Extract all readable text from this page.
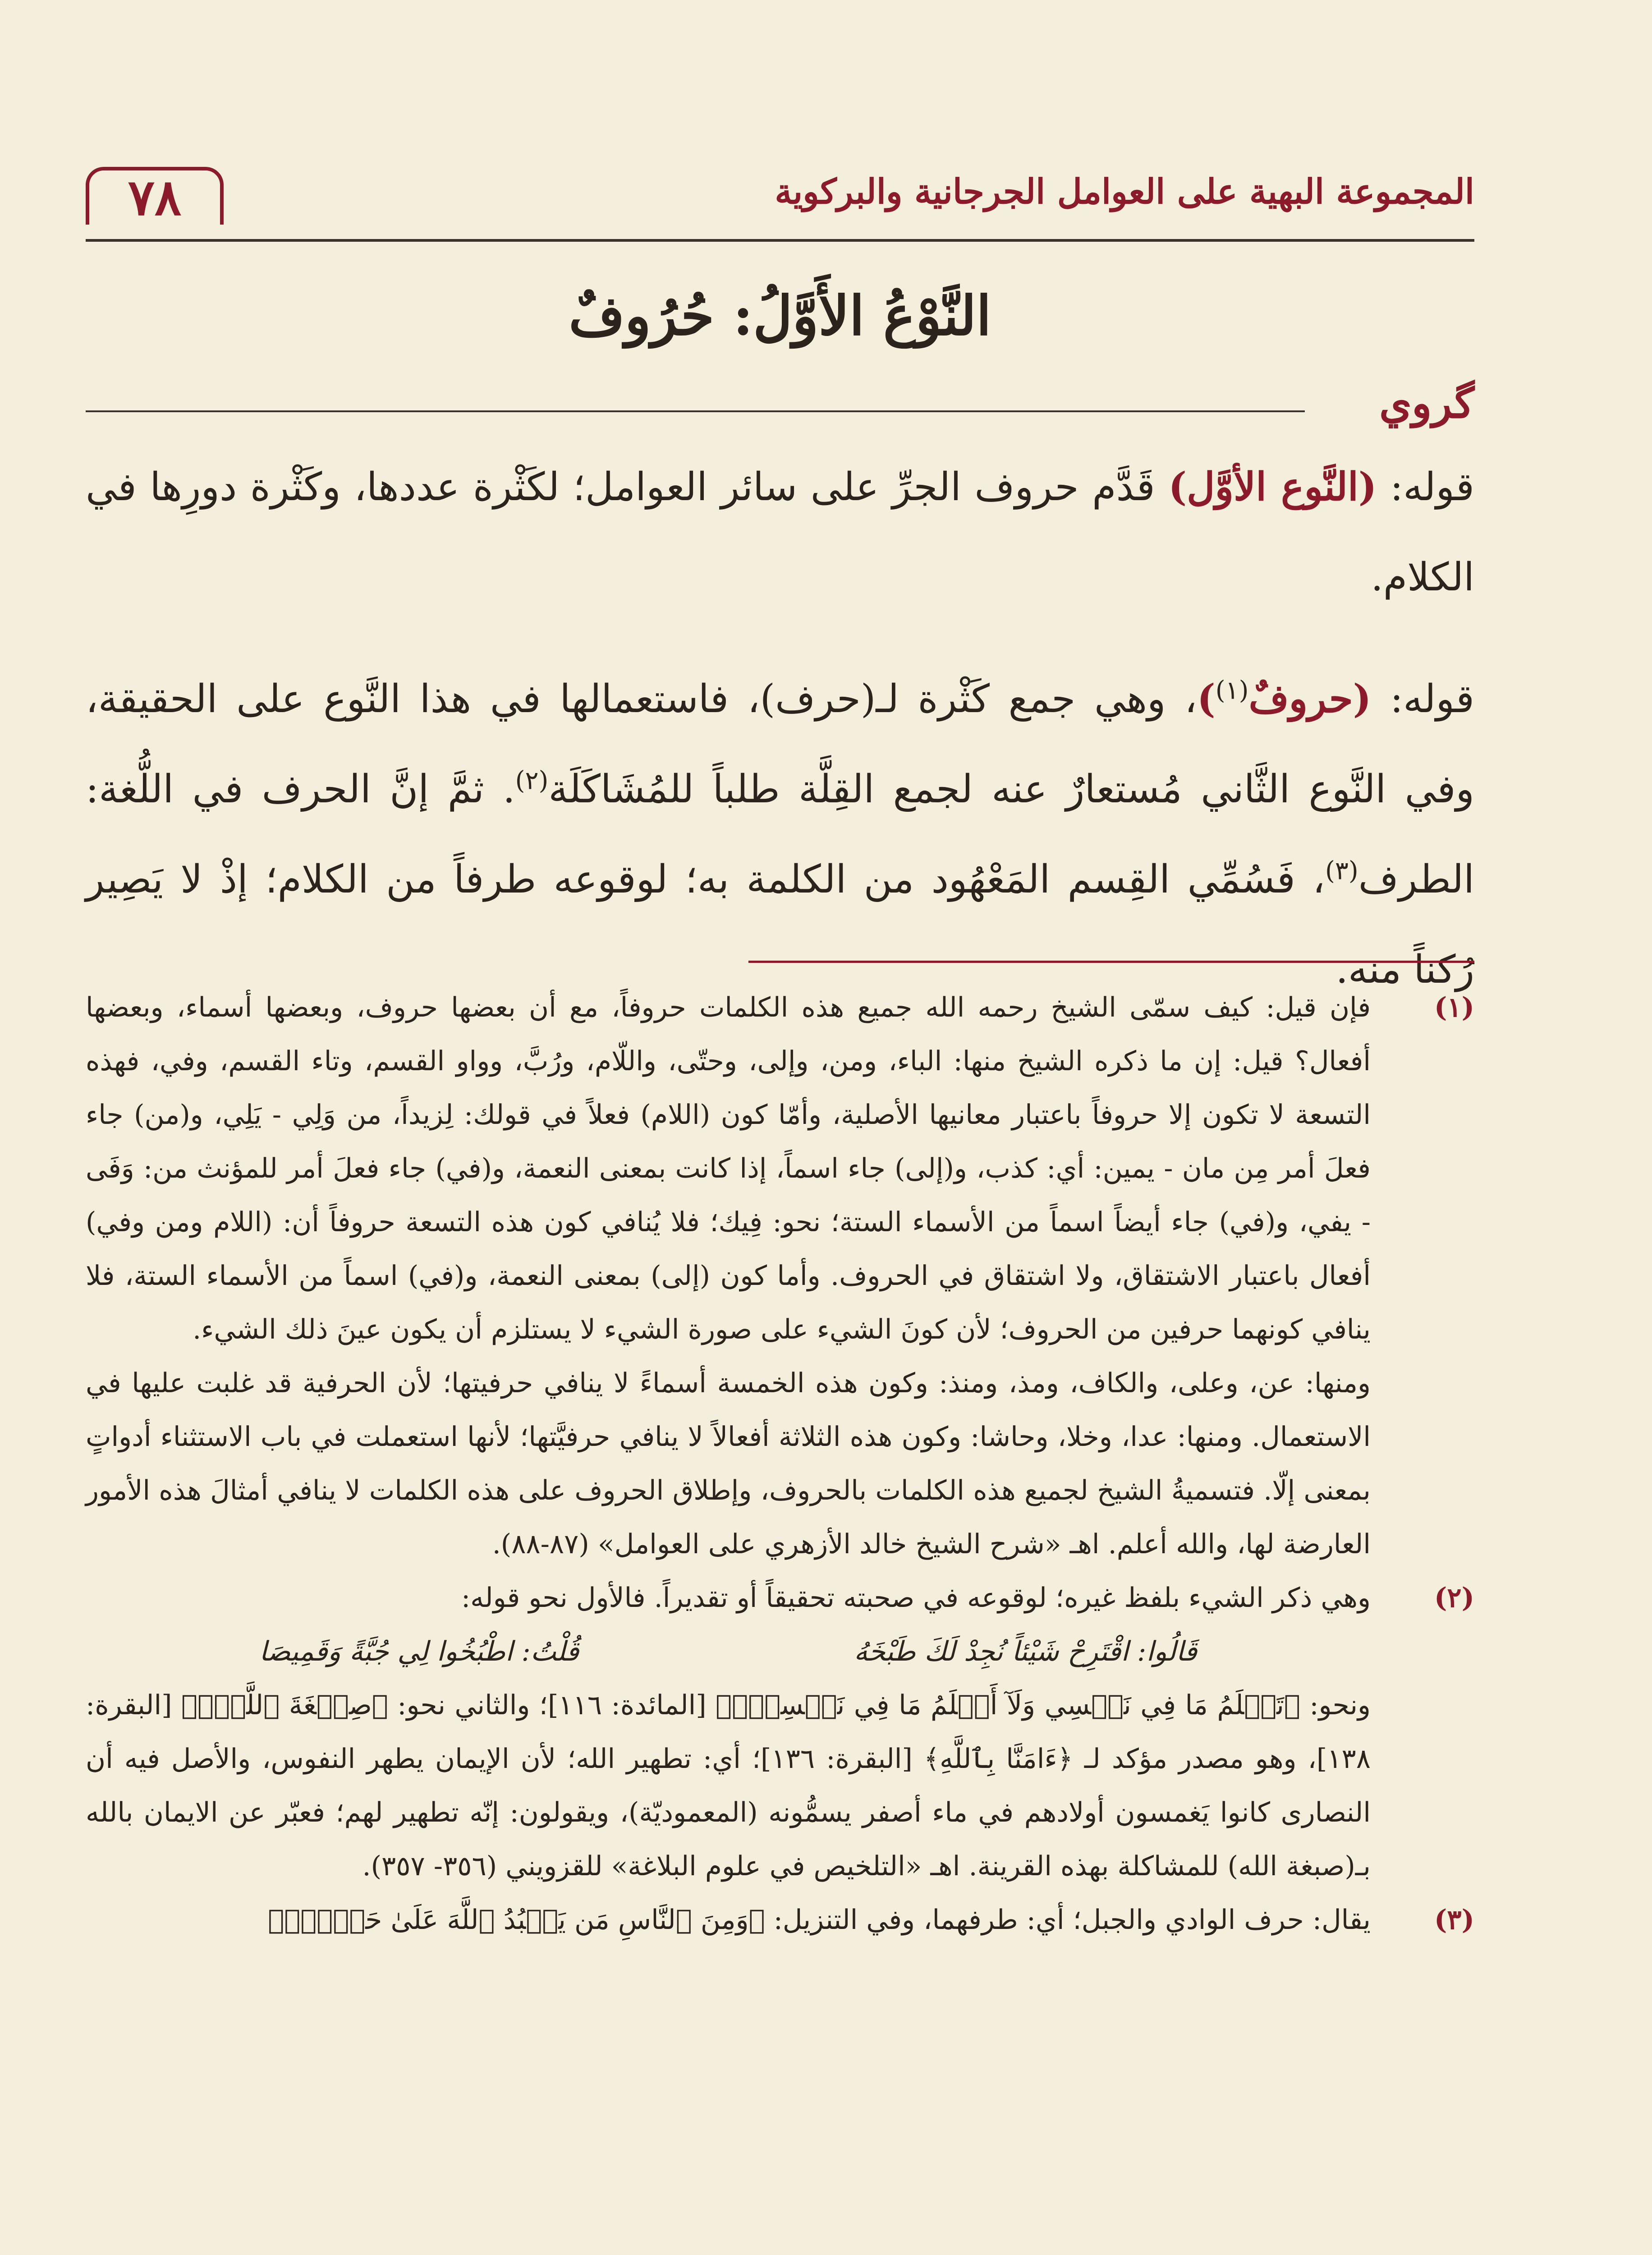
المجموعة البهية على العوامل الجرجانية والبركوية
٧٨
النَّوْعُ الأَوَّلُ: حُرُوفٌ
گروي

قوله: (النَّوع الأوَّل) قَدَّم حروف الجرِّ على سائر العوامل؛ لكَثْرة عددها، وكَثْرة دورِها في الكلام.

قوله: (حروفٌ$^{(١)}$)، وهي جمع كَثْرة لـ(حرف)، فاستعمالها في هذا النَّوع على الحقيقة، وفي النَّوع الثَّاني مُستعارٌ عنه لجمع القِلَّة طلباً للمُشَاكَلَة$^{(٢)}$. ثمَّ إنَّ الحرف في اللُّغة: الطرف$^{(٣)}$، فَسُمِّي القِسم المَعْهُود من الكلمة به؛ لوقوعه طرفاً من الكلام؛ إذْ لا يَصِير رُكناً منه.

(١)

فإن قيل: كيف سمّى الشيخ رحمه الله جميع هذه الكلمات حروفاً، مع أن بعضها حروف، وبعضها أسماء، وبعضها أفعال؟ قيل: إن ما ذكره الشيخ منها: الباء، ومن، وإلى، وحتّى، واللّام، ورُبَّ، وواو القسم، وتاء القسم، وفي، فهذه التسعة لا تكون إلا حروفاً باعتبار معانيها الأصلية، وأمّا كون (اللام) فعلاً في قولك: لِزيداً، من وَلِي - يَلِي، و(من) جاء فعلَ أمر مِن مان - يمين: أي: كذب، و(إلى) جاء اسماً، إذا كانت بمعنى النعمة، و(في) جاء فعلَ أمر للمؤنث من: وَفَى - يفي، و(في) جاء أيضاً اسماً من الأسماء الستة؛ نحو: فِيك؛ فلا يُنافي كون هذه التسعة حروفاً أن: (اللام ومن وفي) أفعال باعتبار الاشتقاق، ولا اشتقاق في الحروف. وأما كون (إلى) بمعنى النعمة، و(في) اسماً من الأسماء الستة، فلا ينافي كونهما حرفين من الحروف؛ لأن كونَ الشيء على صورة الشيء لا يستلزم أن يكون عينَ ذلك الشيء.

ومنها: عن، وعلى، والكاف، ومذ، ومنذ: وكون هذه الخمسة أسماءً لا ينافي حرفيتها؛ لأن الحرفية قد غلبت عليها في الاستعمال. ومنها: عدا، وخلا، وحاشا: وكون هذه الثلاثة أفعالاً لا ينافي حرفيَّتها؛ لأنها استعملت في باب الاستثناء أدواتٍ بمعنى إلّا. فتسميةُ الشيخ لجميع هذه الكلمات بالحروف، وإطلاق الحروف على هذه الكلمات لا ينافي أمثالَ هذه الأمور العارضة لها، والله أعلم. اهـ «شرح الشيخ خالد الأزهري على العوامل» (٨٧-٨٨).

(٢)

وهي ذكر الشيء بلفظ غيره؛ لوقوعه في صحبته تحقيقاً أو تقديراً. فالأول نحو قوله:

قَالُوا: اقْتَرِحْ شَيْئاً نُجِدْ لَكَ طَبْخَهُ
قُلْتُ: اطْبُخُوا لِي جُبَّةً وَقَمِيصَا

ونحو: ﴿تَعۡلَمُ مَا فِي نَفۡسِي وَلَآ أَعۡلَمُ مَا فِي نَفۡسِكَۚ﴾ [المائدة: ١١٦]؛ والثاني نحو: ﴿صِبۡغَةَ ٱللَّهِۖ﴾ [البقرة: ١٣٨]، وهو مصدر مؤكد لـ ﴿ءَامَنَّا بِٱللَّهِ﴾ [البقرة: ١٣٦]؛ أي: تطهير الله؛ لأن الإيمان يطهر النفوس، والأصل فيه أن النصارى كانوا يَغمسون أولادهم في ماء أصفر يسمُّونه (المعموديّة)، ويقولون: إنّه تطهير لهم؛ فعبّر عن الايمان بالله بـ(صبغة الله) للمشاكلة بهذه القرينة. اهـ «التلخيص في علوم البلاغة» للقزويني (٣٥٦- ٣٥٧).

(٣)

يقال: حرف الوادي والجبل؛ أي: طرفهما، وفي التنزيل: ﴿وَمِنَ ٱلنَّاسِ مَن يَعۡبُدُ ٱللَّهَ عَلَىٰ حَرۡفٖۖ﴾
